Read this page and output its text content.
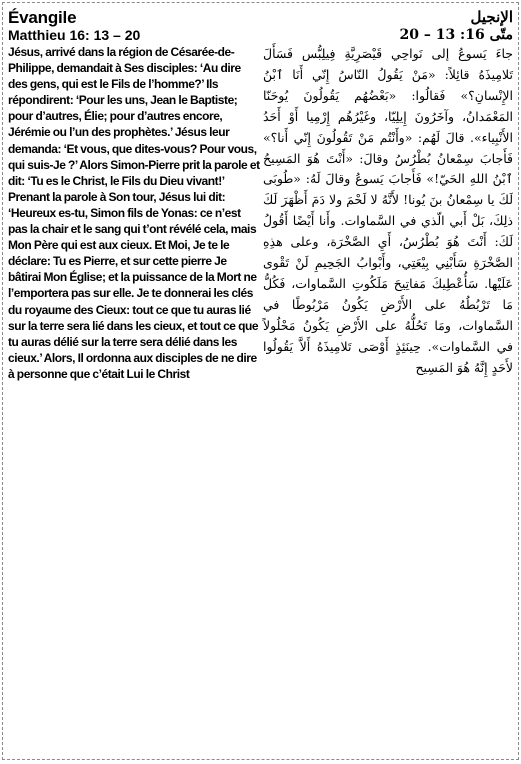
Évangile
Matthieu 16: 13 – 20

Jésus, arrivé dans la région de Césarée-de-Philippe, demandait à Ses disciples: ‘Au dire des gens, qui est le Fils de l’homme?’ Ils répondirent: ‘Pour les uns, Jean le Baptiste; pour d’autres, Élie; pour d’autres encore, Jérémie ou l’un des prophètes.’ Jésus leur demanda: ‘Et vous, que dites-vous? Pour vous, qui suis-Je ?’ Alors Simon-Pierre prit la parole et dit: ‘Tu es le Christ, le Fils du Dieu vivant!’ Prenant la parole à Son tour, Jésus lui dit: ‘Heureux es-tu, Simon fils de Yonas: ce n’est pas la chair et le sang qui t’ont révélé cela, mais Mon Père qui est aux cieux. Et Moi, Je te le déclare: Tu es Pierre, et sur cette pierre Je bâtirai Mon Église; et la puissance de la Mort ne l’emportera pas sur elle. Je te donnerai les clés du royaume des Cieux: tout ce que tu auras lié sur la terre sera lié dans les cieux, et tout ce que tu auras délié sur la terre sera délié dans les cieux.’ Alors, Il ordonna aux disciples de ne dire à personne que c’était Lui le Christ

الإنجيل
متّى 16: 13 – 20

جاءَ يَسوعُ إلى نَواحِي قَيْصَرِيَّةِ فِيلِبُّس فَسَأَلَ تَلامِيذَهُ قائِلاً: «مَنْ يَقُولُ النّاسُ إِنّي أَنَا ٱبْنُ الإِنْسانِ؟» فَقالُوا: «بَعْضُهُم يَقُولُونَ يُوحَنّا المَعْمَدانُ، وآخَرُونَ إِيلِيّا، وغَيْرُهُم إِرْمِيا أَوْ أَحَدُ الأَنْبِياء». قالَ لَهُم: «وأَنْتُم مَنْ تَقُولُونَ إِنّي أَنا؟» فَأَجابَ سِمْعانُ بُطْرُسُ وقالَ: «أَنْتَ هُوَ المَسِيحُ ٱبْنُ اللهِ الحَيّ!» فَأَجابَ يَسوعُ وقالَ لَهُ: «طُوبَى لَكَ يا سِمْعانُ بنَ يُونا! لأَنَّهُ لا لَحْمَ ولا دَمَ أَظْهَرَ لَكَ ذلِكَ، بَلْ أَبي الّذي في السَّماوات. وأَنا أَيْضًا أَقُولُ لَكَ: أَنْتَ هُوَ بُطْرُسُ، أَيِ الصَّخْرَة، وعلى هذِهِ الصَّخْرَةِ سَأَبْنِي بِيْعَتِي، وأَبْوابُ الجَحِيمِ لَنْ تَقْوى عَلَيْها. سَأُعْطِيكَ مَفاتِيحَ مَلَكُوتِ السَّماوات، فَكُلُّ مَا تَرْبُطُهُ على الأَرْضِ يَكُونُ مَرْبُوطًا في السَّماوات، ومَا تَحُلُّهُ على الأَرْضِ يَكُونُ مَحْلُولاً في السَّماوات». حِينَئِذٍ أَوْصَى تَلامِيذَهُ أَلاَّ يَقُولُوا لأَحَدٍ إِنَّهُ هُوَ المَسِيح
